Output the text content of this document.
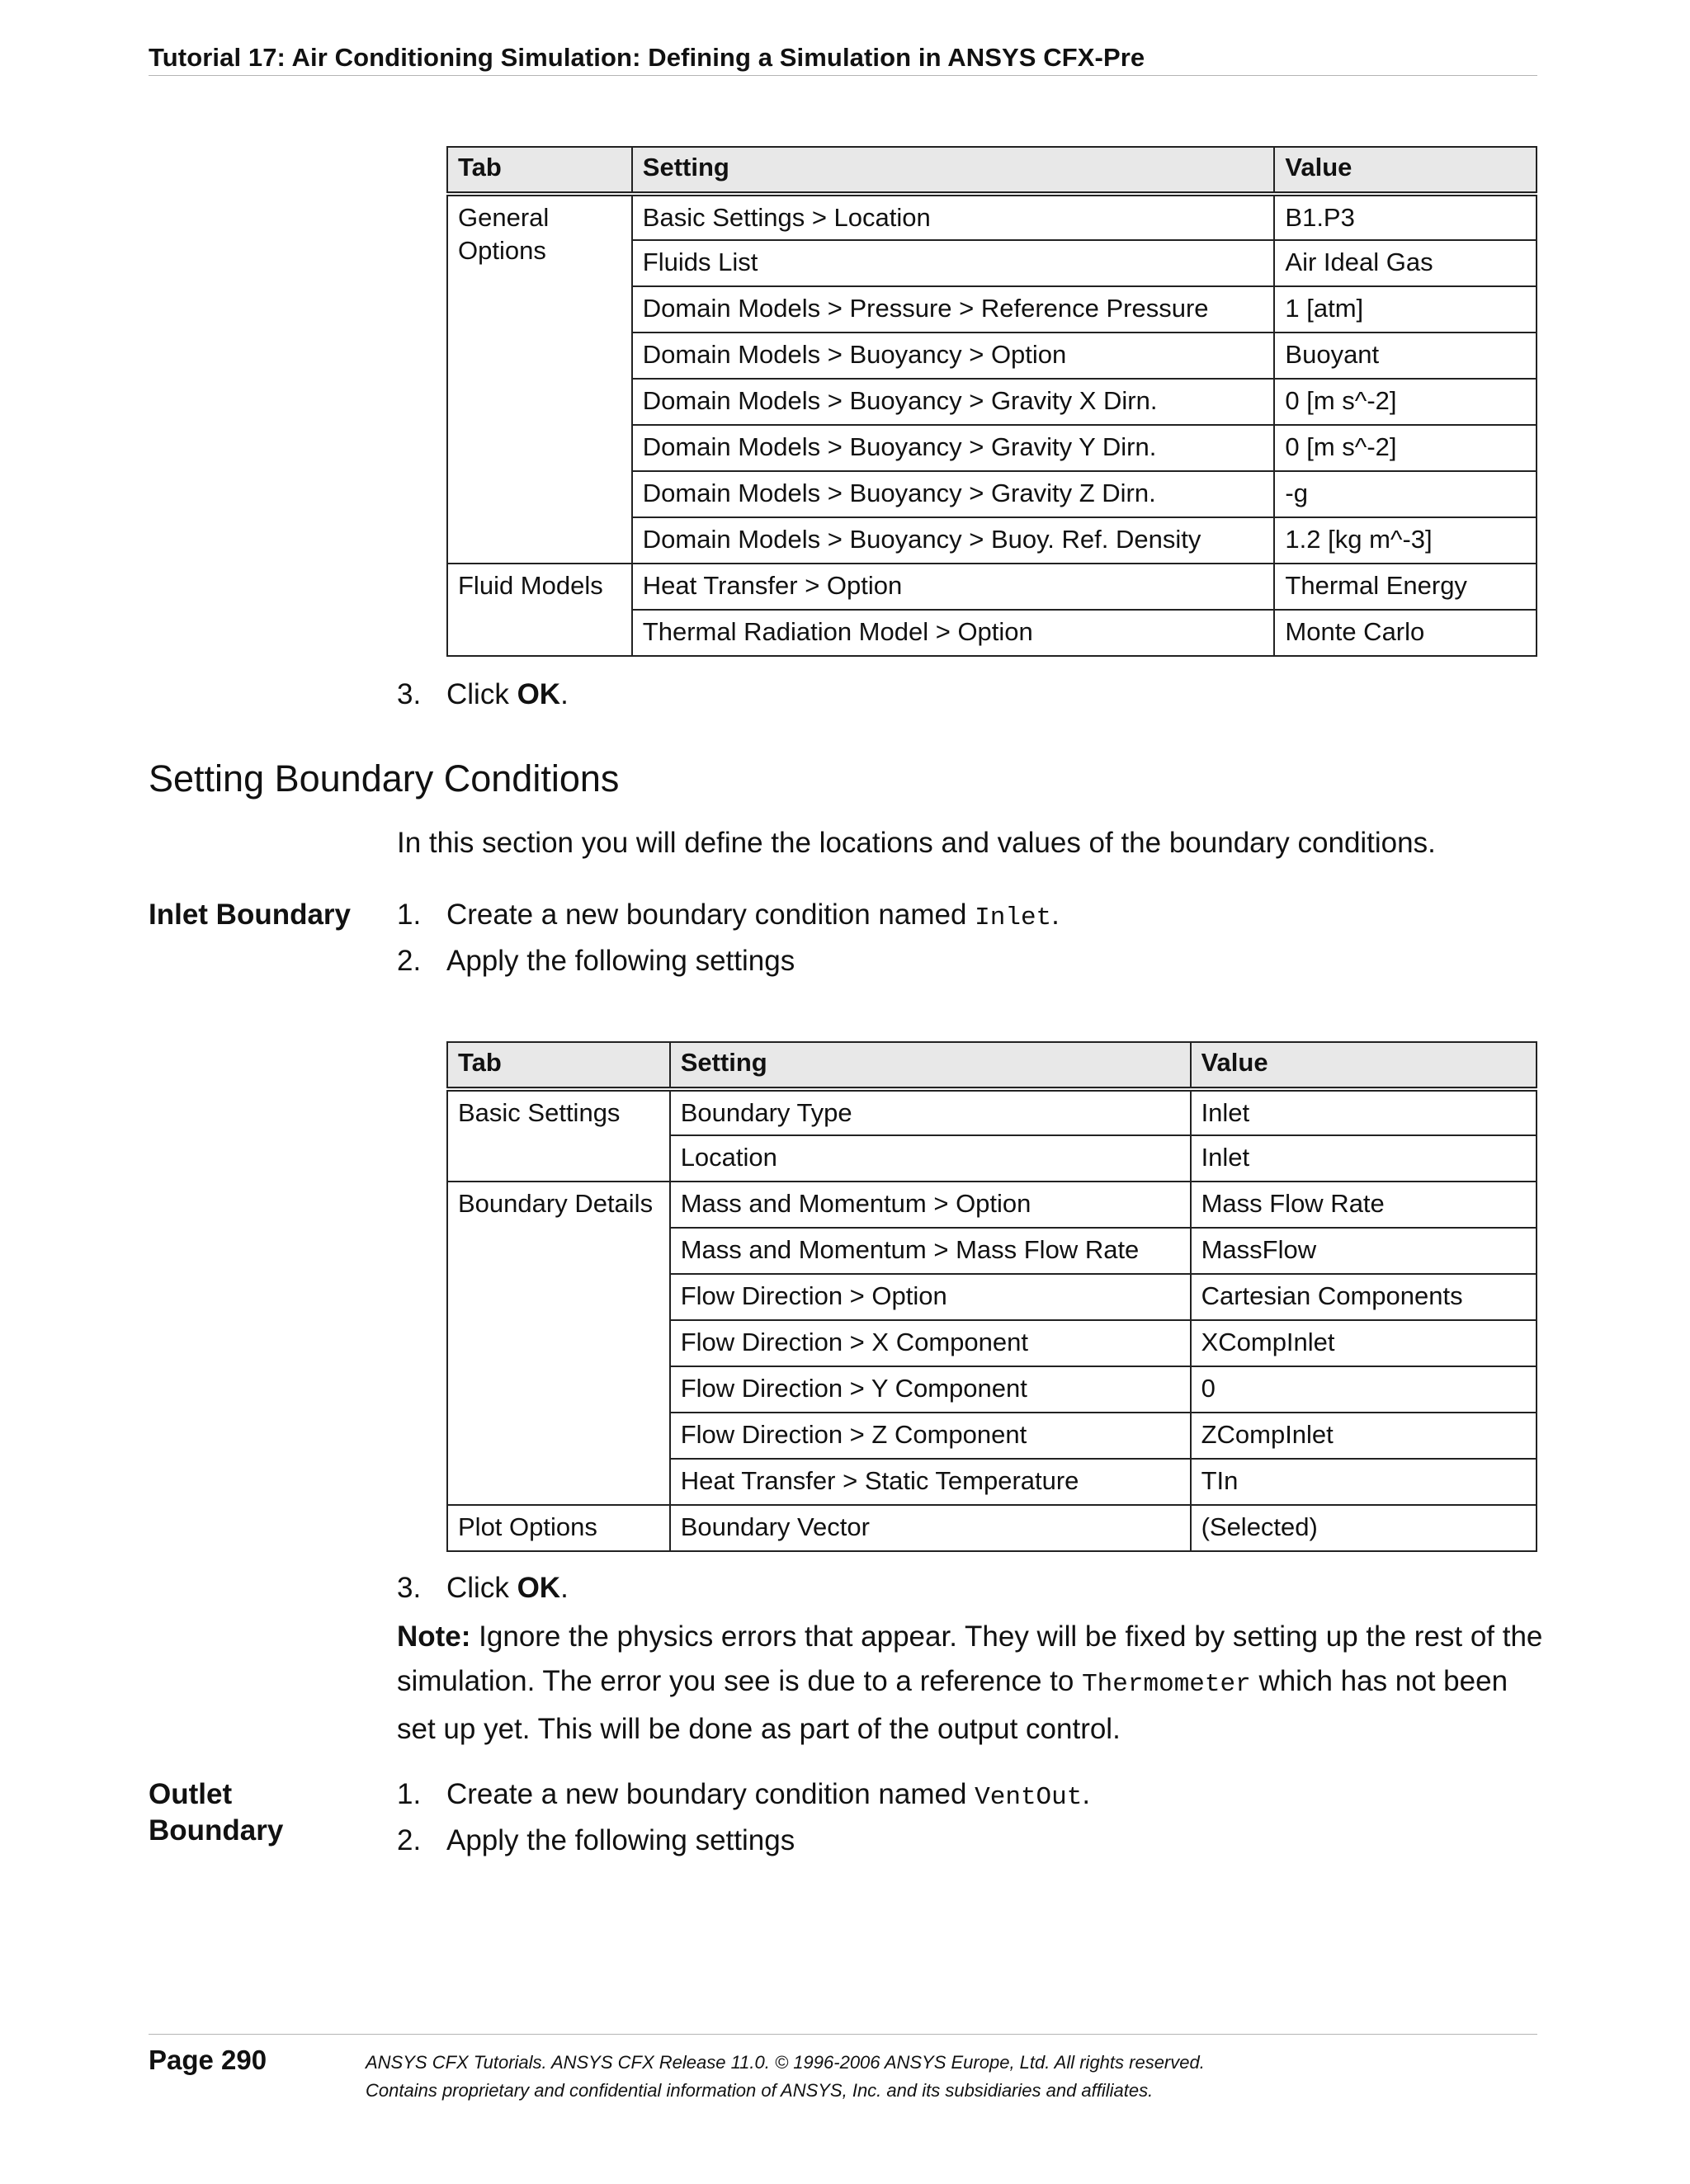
Tutorial 17: Air Conditioning Simulation: Defining a Simulation in ANSYS CFX-Pre
Tab	Setting	Value
General Options	Basic Settings > Location	B1.P3
	Fluids List	Air Ideal Gas
	Domain Models > Pressure > Reference Pressure	1 [atm]
	Domain Models > Buoyancy > Option	Buoyant
	Domain Models > Buoyancy > Gravity X Dirn.	0 [m s^-2]
	Domain Models > Buoyancy > Gravity Y Dirn.	0 [m s^-2]
	Domain Models > Buoyancy > Gravity Z Dirn.	-g
	Domain Models > Buoyancy > Buoy. Ref. Density	1.2 [kg m^-3]
Fluid Models	Heat Transfer > Option	Thermal Energy
	Thermal Radiation Model > Option	Monte Carlo
3. Click OK.
Setting Boundary Conditions
In this section you will define the locations and values of the boundary conditions.
Inlet Boundary 1. Create a new boundary condition named Inlet.
2. Apply the following settings
Tab	Setting	Value
Basic Settings	Boundary Type	Inlet
	Location	Inlet
Boundary Details	Mass and Momentum > Option	Mass Flow Rate
	Mass and Momentum > Mass Flow Rate	MassFlow
	Flow Direction > Option	Cartesian Components
	Flow Direction > X Component	XCompInlet
	Flow Direction > Y Component	0
	Flow Direction > Z Component	ZCompInlet
	Heat Transfer > Static Temperature	TIn
Plot Options	Boundary Vector	(Selected)
3. Click OK.
Note: Ignore the physics errors that appear. They will be fixed by setting up the rest of the simulation. The error you see is due to a reference to Thermometer which has not been set up yet. This will be done as part of the output control.
Outlet
Boundary
1. Create a new boundary condition named VentOut.
2. Apply the following settings
Page 290	ANSYS CFX Tutorials. ANSYS CFX Release 11.0. © 1996-2006 ANSYS Europe, Ltd. All rights reserved.
Contains proprietary and confidential information of ANSYS, Inc. and its subsidiaries and affiliates.
